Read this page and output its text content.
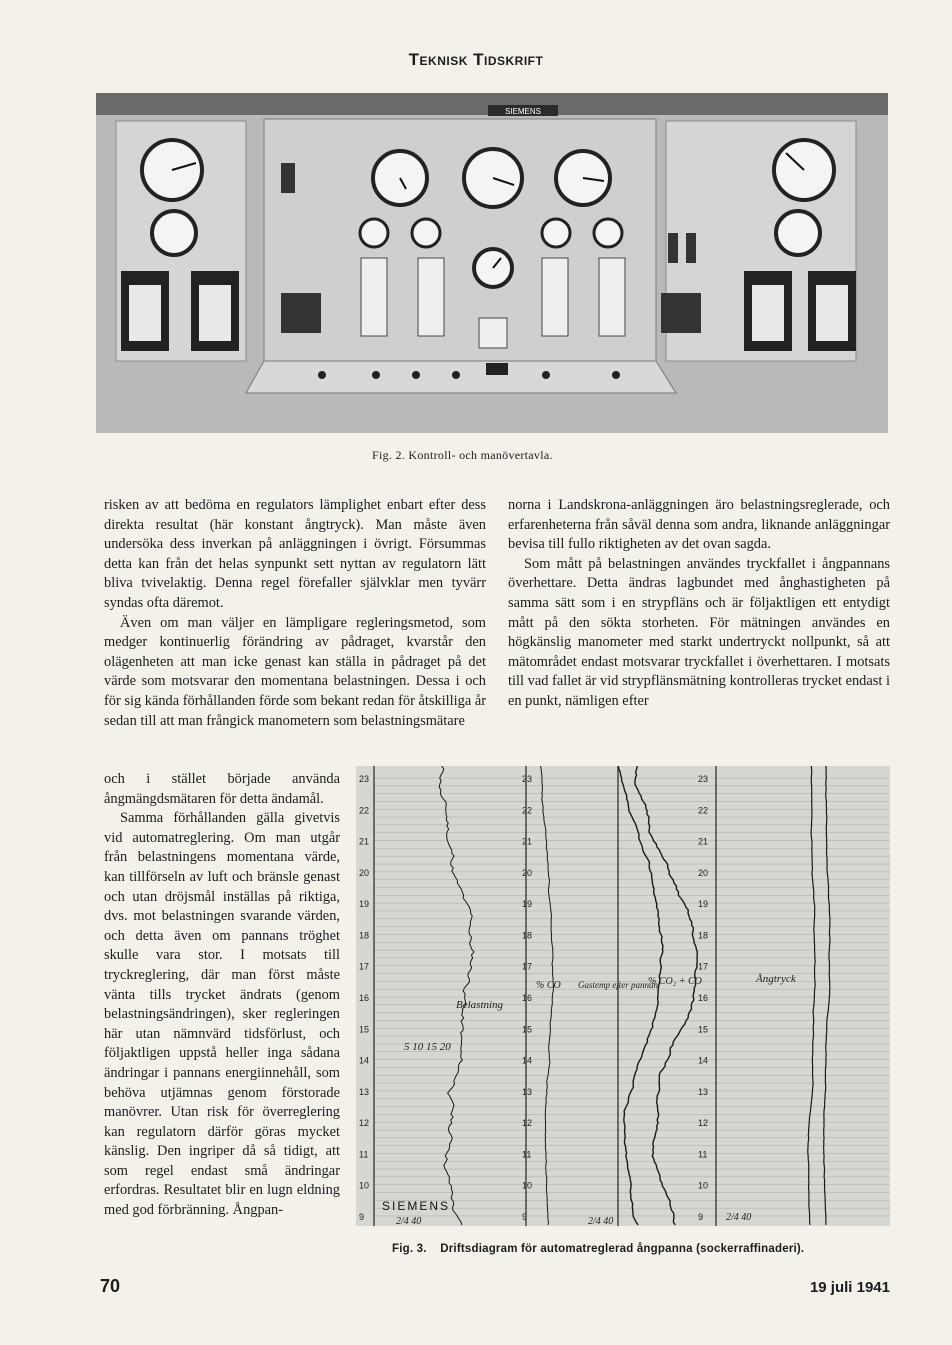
Teknisk Tidskrift
SIEMENS
Fig. 2. Kontroll- och manövertavla.

risken av att bedöma en regulators lämplighet enbart efter dess direkta resultat (här konstant ångtryck). Man måste även undersöka dess inverkan på anläggningen i övrigt. Försummas detta kan från det helas synpunkt sett nyttan av regulatorn lätt bliva tvivelaktig. Denna regel förefaller självklar men tyvärr syndas ofta däremot.

Även om man väljer en lämpligare regleringsmetod, som medger kontinuerlig förändring av pådraget, kvarstår den olägenheten att man icke genast kan ställa in pådraget på det värde som motsvarar den momentana belastningen. Dessa i och för sig kända förhållanden förde som bekant redan för åtskilliga år sedan till att man frångick manometern som belastningsmätare

och i stället började använda ångmängdsmätaren för detta ändamål.

Samma förhållanden gälla givetvis vid automatreglering. Om man utgår från belastningens momentana värde, kan tillförseln av luft och bränsle genast och utan dröjsmål inställas på riktiga, dvs. mot belastningen svarande värden, och detta även om pannans tröghet skulle vara stor. I motsats till tryckreglering, där man först måste vänta tills trycket ändrats (genom belastningsändringen), sker regleringen här utan nämnvärd tidsförlust, och följaktligen uppstå heller inga sådana ändringar i pannans energiinnehåll, som behöva utjämnas genom förstorade manövrer. Utan risk för överreglering kan regulatorn därför göras mycket känslig. Den ingriper då så tidigt, att som regel endast små ändringar erfordras. Resultatet blir en lugn eldning med god förbränning. Ångpan-

norna i Landskrona-anläggningen äro belastningsreglerade, och erfarenheterna från såväl denna som andra, liknande anläggningar bevisa till fullo riktigheten av det ovan sagda.

Som mått på belastningen användes tryckfallet i ångpannans överhettare. Detta ändras lagbundet med ånghastigheten på samma sätt som i en strypfläns och är följaktligen ett entydigt mått på den sökta storheten. För mätningen användes en högkänslig manometer med starkt undertryckt nollpunkt, så att mätområdet endast motsvarar tryckfallet i överhettaren. I motsats till vad fallet är vid strypflänsmätning kontrolleras trycket endast i en punkt, nämligen efter

23
22
21
20
19
18
17
16
15
14
13
12
11
10
9
23
22
21
20
19
18
17
16
15
14
13
12
11
10
9
23
22
21
20
19
18
17
16
15
14
13
12
11
10
9
Belastning
% CO Gastemp efter pannan
% CO₂ + CO	Ångtryck
5 10 15 20
SIEMENS
2/4 40	2/4 40	2/4 40
Fig. 3. Driftsdiagram för automatreglerad ångpanna (sockerraffinaderi).
70	19 juli 1941
